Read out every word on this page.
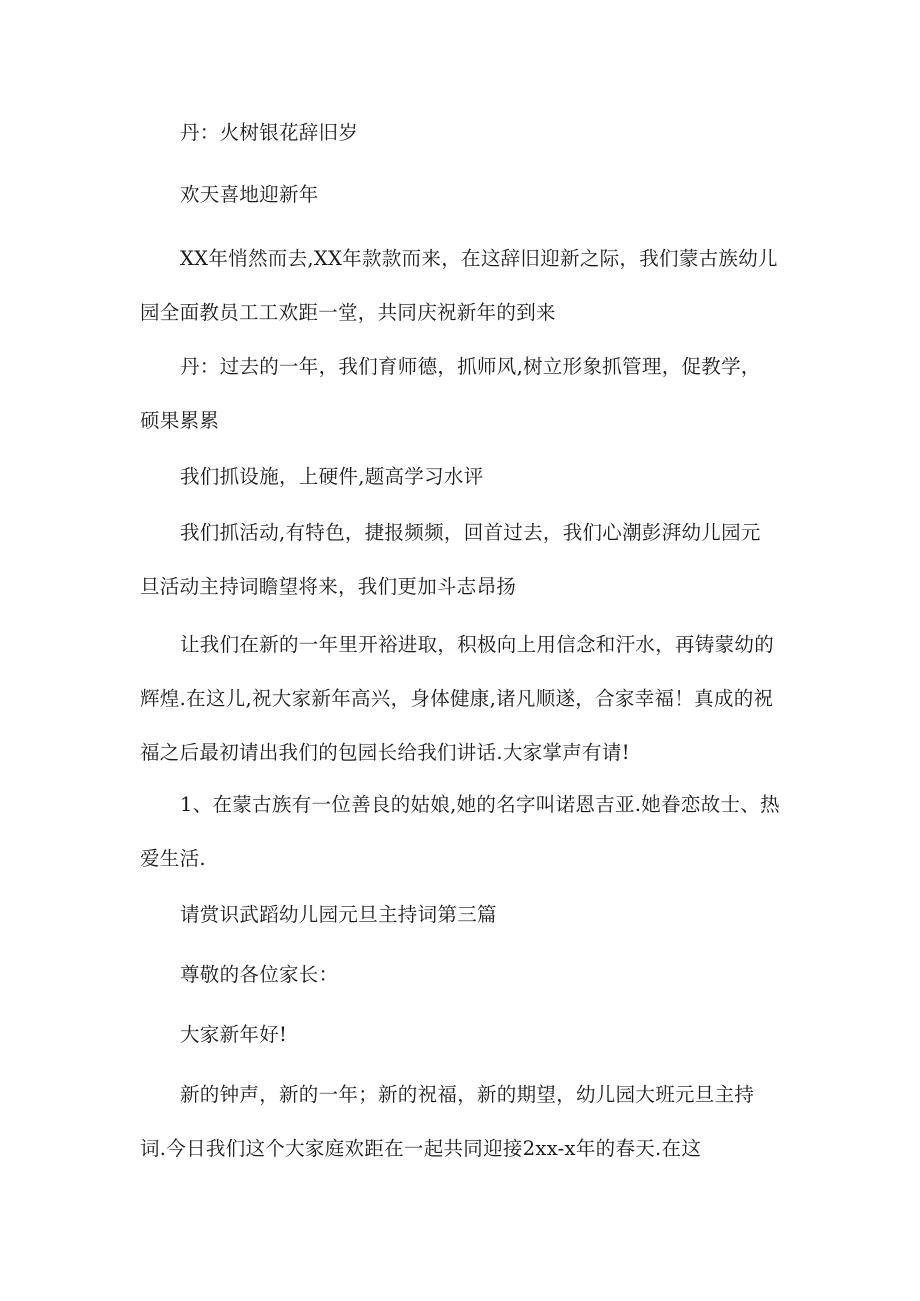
丹：火树银花辞旧岁

欢天喜地迎新年

XX年悄然而去,XX年款款而来，在这辞旧迎新之际，我们蒙古族幼儿园全面教员工工欢距一堂，共同庆祝新年的到来

丹：过去的一年，我们育师德，抓师风,树立形象抓管理，促教学，硕果累累

我们抓设施，上硬件,题高学习水评

我们抓活动,有特色，捷报频频，回首过去，我们心潮彭湃幼儿园元旦活动主持词瞻望将来，我们更加斗志昂扬

让我们在新的一年里开裕进取，积极向上用信念和汗水，再铸蒙幼的辉煌.在这儿,祝大家新年高兴，身体健康,诸凡顺遂，合家幸福！真成的祝福之后最初请出我们的包园长给我们讲话.大家掌声有请!

1、在蒙古族有一位善良的姑娘,她的名字叫诺恩吉亚.她眷恋故士、热爱生活.

请赏识武蹈幼儿园元旦主持词第三篇

尊敬的各位家长：

大家新年好!

新的钟声，新的一年；新的祝福，新的期望，幼儿园大班元旦主持词.今日我们这个大家庭欢距在一起共同迎接2xx-x年的春天.在这
